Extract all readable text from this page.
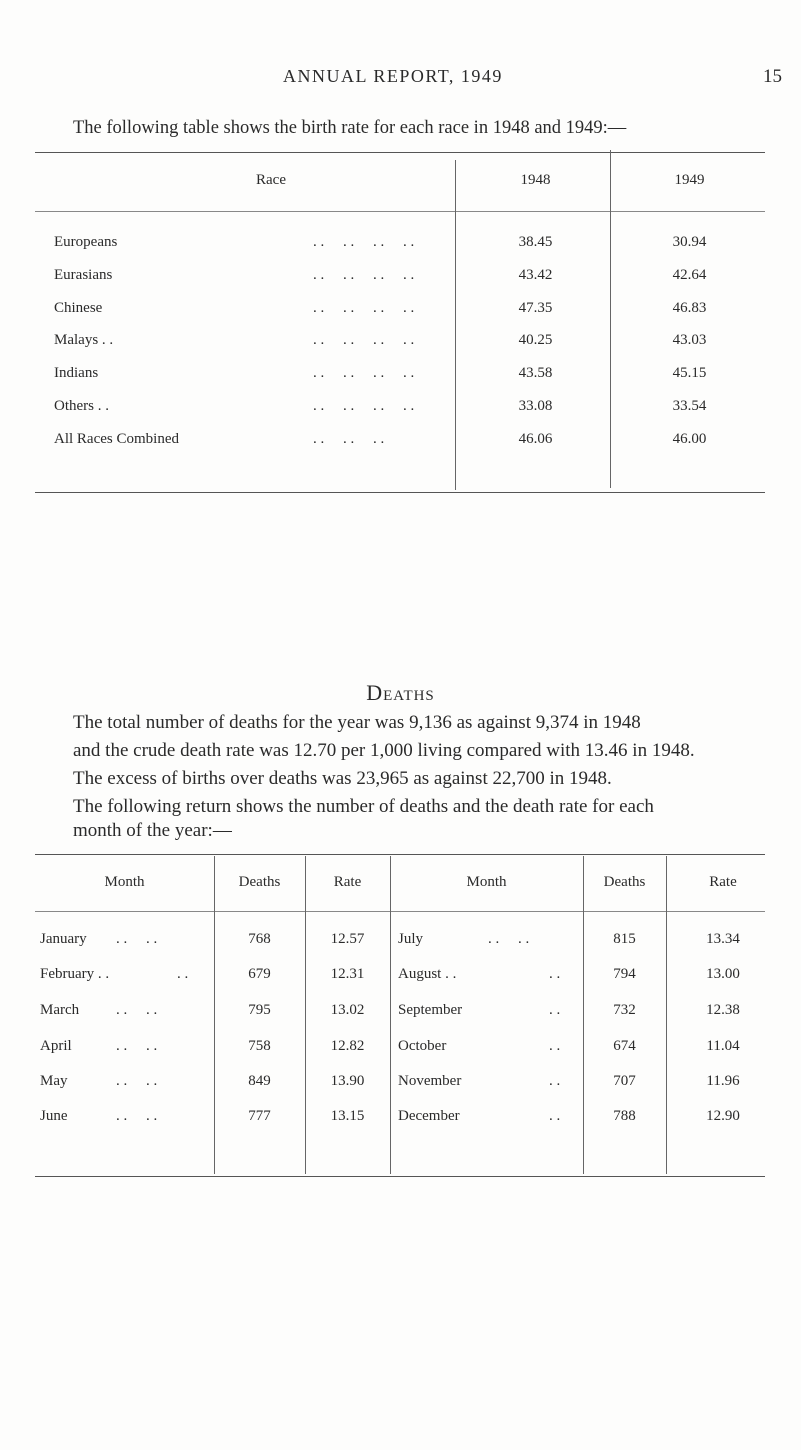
ANNUAL REPORT, 1949	15
The following table shows the birth rate for each race in 1948 and 1949:—
Race	1948	1949
Europeans	. .     . .     . .     . .	38.45	30.94
Eurasians	. .     . .     . .     . .	43.42	42.64
Chinese	. .     . .     . .     . .	47.35	46.83
Malays . .	. .     . .     . .     . .	40.25	43.03
Indians	. .     . .     . .     . .	43.58	45.15
Others . .	. .     . .     . .     . .	33.08	33.54
All Races Combined	. .     . .     . .	46.06	46.00
Deaths
The total number of deaths for the year was 9,136 as against 9,374 in 1948
and the crude death rate was 12.70 per 1,000 living compared with 13.46 in 1948.
The excess of births over deaths was 23,965 as against 22,700 in 1948.
The following return shows the number of deaths and the death rate for each
month of the year:—
Month	Deaths	Rate	Month	Deaths	Rate
January . .     . .	768	12.57	July	. .     . .	815	13.34
February . .	. .	679	12.31	August . .	. .	794	13.00
March . .     . .	795	13.02	September	. .	732	12.38
April	. .     . .	758	12.82	October	. .	674	11.04
May	. .     . .	849	13.90	November	. .	707	11.96
June	. .     . .	777	13.15	December	. .	788	12.90
